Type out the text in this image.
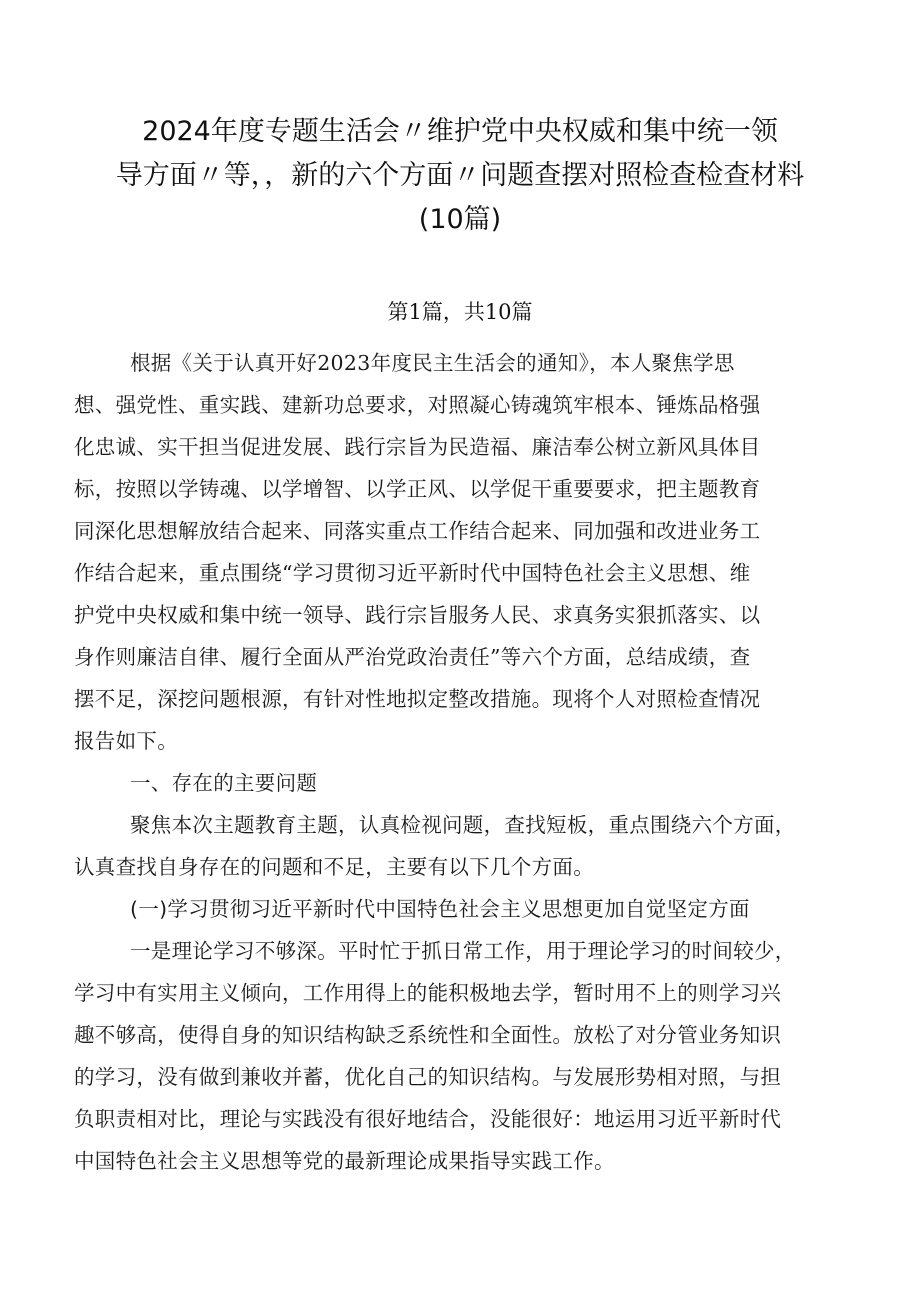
2024年度专题生活会〃维护党中央权威和集中统一领
导方面〃等，，新的六个方面〃问题查摆对照检查检查材料
(10篇)

第1篇，共10篇

根据《关于认真开好2023年度民主生活会的通知》，本人聚焦学思
想、强党性、重实践、建新功总要求，对照凝心铸魂筑牢根本、锤炼品格强
化忠诚、实干担当促进发展、践行宗旨为民造福、廉洁奉公树立新风具体目
标，按照以学铸魂、以学增智、以学正风、以学促干重要要求，把主题教育
同深化思想解放结合起来、同落实重点工作结合起来、同加强和改进业务工
作结合起来，重点围绕“学习贯彻习近平新时代中国特色社会主义思想、维
护党中央权威和集中统一领导、践行宗旨服务人民、求真务实狠抓落实、以
身作则廉洁自律、履行全面从严治党政治责任”等六个方面，总结成绩，查
摆不足，深挖问题根源，有针对性地拟定整改措施。现将个人对照检查情况
报告如下。
一、存在的主要问题
聚焦本次主题教育主题，认真检视问题，查找短板，重点围绕六个方面，
认真查找自身存在的问题和不足，主要有以下几个方面。
(一)学习贯彻习近平新时代中国特色社会主义思想更加自觉坚定方面
一是理论学习不够深。平时忙于抓日常工作，用于理论学习的时间较少，
学习中有实用主义倾向，工作用得上的能积极地去学，暂时用不上的则学习兴
趣不够高，使得自身的知识结构缺乏系统性和全面性。放松了对分管业务知识
的学习，没有做到兼收并蓄，优化自己的知识结构。与发展形势相对照，与担
负职责相对比，理论与实践没有很好地结合，没能很好：地运用习近平新时代
中国特色社会主义思想等党的最新理论成果指导实践工作。
